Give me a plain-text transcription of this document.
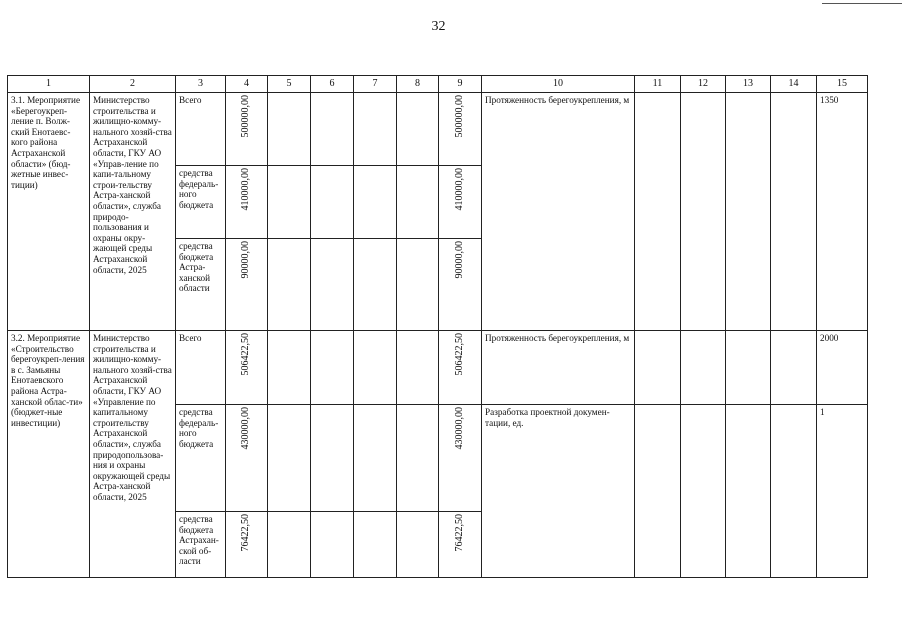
32
1	2	3	4	5	6	7	8	9	10	11	12	13	14	15
3.1. Мероприятие «Берегоукреп-ление п. Волж-ский Енотаевс-кого района Астраханской области» (бюд-жетные инвес-тиции)	Министерство строительства и жилищно-комму-нального хозяй-ства Астраханской области, ГКУ АО «Управ-ление по капи-тальному строи-тельству Астра-ханской области», служба природо-пользования и охраны окру-жающей среды Астраханской области, 2025	Всего	500000,00					500000,00	Протяженность берегоукрепления, м					1350
		средства федераль-ного бюджета	410000,00					410000,00						
		средства бюджета Астра-ханской области	90000,00					90000,00						
3.2. Мероприятие «Строительство берегоукреп-ления в с. Замьяны Енотаевского района Астра-ханской облас-ти» (бюджет-ные инвестиции)	Министерство строительства и жилищно-комму-нального хозяй-ства Астраханской области, ГКУ АО «Управление по капитальному строительству Астраханской области», служба природопользова-ния и охраны окружающей среды Астра-ханской области, 2025	Всего	506422,50					506422,50	Протяженность берегоукрепления, м					2000
		средства федераль-ного бюджета	430000,00					430000,00	Разработка проектной докумен-тации, ед.					1
		средства бюджета Астрахан-ской об-ласти	76422,50					76422,50						
